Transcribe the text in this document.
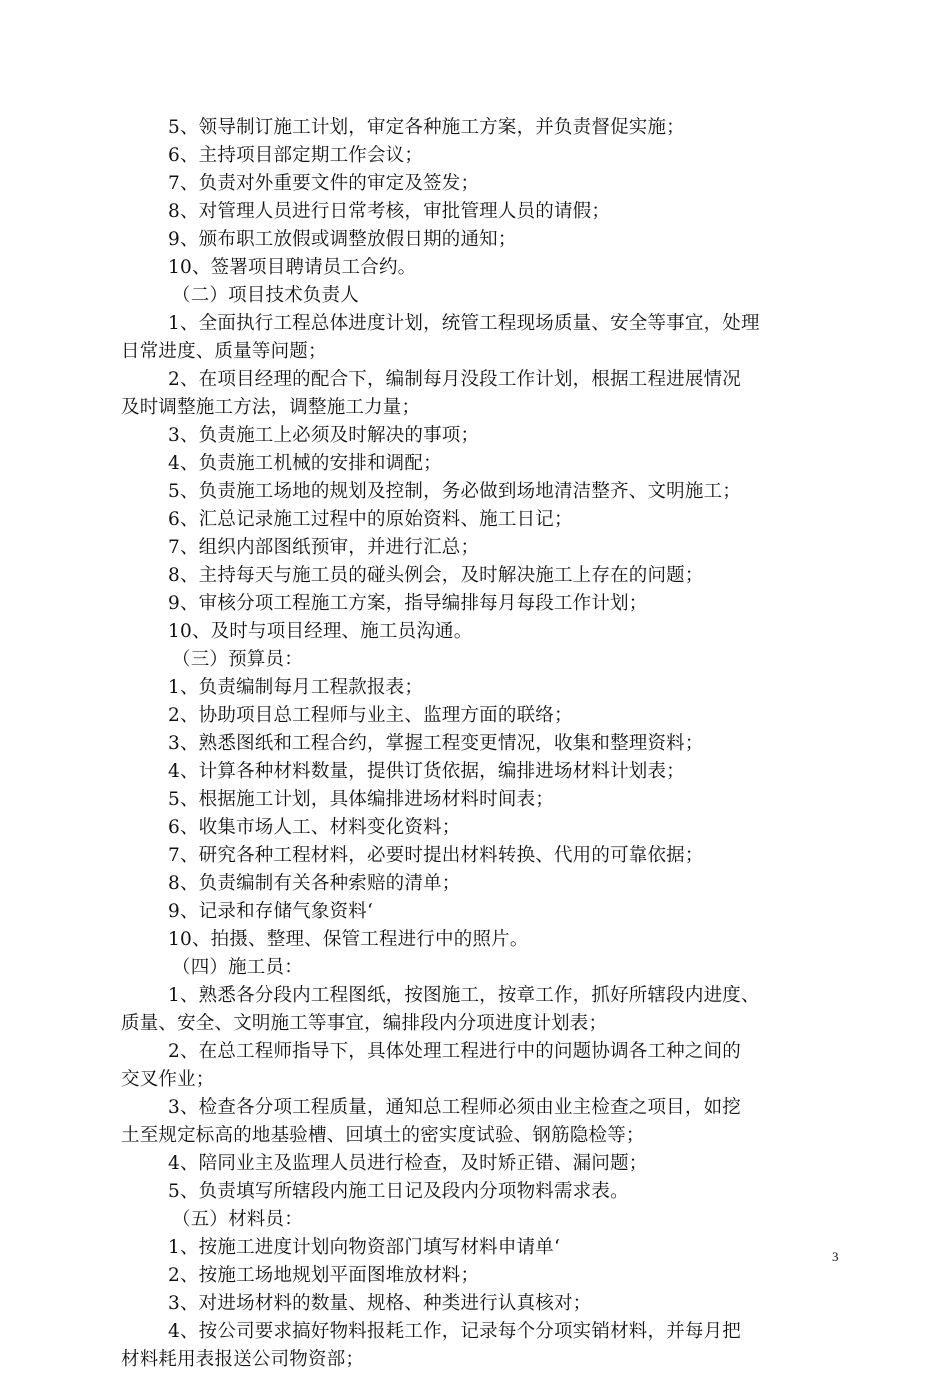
5、领导制订施工计划，审定各种施工方案，并负责督促实施；
6、主持项目部定期工作会议；
7、负责对外重要文件的审定及签发；
8、对管理人员进行日常考核，审批管理人员的请假；
9、颁布职工放假或调整放假日期的通知；
10、签署项目聘请员工合约。
（二）项目技术负责人
1、全面执行工程总体进度计划，统管工程现场质量、安全等事宜，处理
日常进度、质量等问题；
2、在项目经理的配合下，编制每月没段工作计划，根据工程进展情况
及时调整施工方法，调整施工力量；
3、负责施工上必须及时解决的事项；
4、负责施工机械的安排和调配；
5、负责施工场地的规划及控制，务必做到场地清洁整齐、文明施工；
6、汇总记录施工过程中的原始资料、施工日记；
7、组织内部图纸预审，并进行汇总；
8、主持每天与施工员的碰头例会，及时解决施工上存在的问题；
9、审核分项工程施工方案，指导编排每月每段工作计划；
10、及时与项目经理、施工员沟通。
（三）预算员：
1、负责编制每月工程款报表；
2、协助项目总工程师与业主、监理方面的联络；
3、熟悉图纸和工程合约，掌握工程变更情况，收集和整理资料；
4、计算各种材料数量，提供订货依据，编排进场材料计划表；
5、根据施工计划，具体编排进场材料时间表；
6、收集市场人工、材料变化资料；
7、研究各种工程材料，必要时提出材料转换、代用的可靠依据；
8、负责编制有关各种索赔的清单；
9、记录和存储气象资料‘
10、拍摄、整理、保管工程进行中的照片。
（四）施工员：
1、熟悉各分段内工程图纸，按图施工，按章工作，抓好所辖段内进度、
质量、安全、文明施工等事宜，编排段内分项进度计划表；
2、在总工程师指导下，具体处理工程进行中的问题协调各工种之间的
交叉作业；
3、检查各分项工程质量，通知总工程师必须由业主检查之项目，如挖
土至规定标高的地基验槽、回填土的密实度试验、钢筋隐检等；
4、陪同业主及监理人员进行检查，及时矫正错、漏问题；
5、负责填写所辖段内施工日记及段内分项物料需求表。
（五）材料员：
1、按施工进度计划向物资部门填写材料申请单‘
2、按施工场地规划平面图堆放材料；
3、对进场材料的数量、规格、种类进行认真核对；
4、按公司要求搞好物料报耗工作，记录每个分项实销材料，并每月把
材料耗用表报送公司物资部；
3
